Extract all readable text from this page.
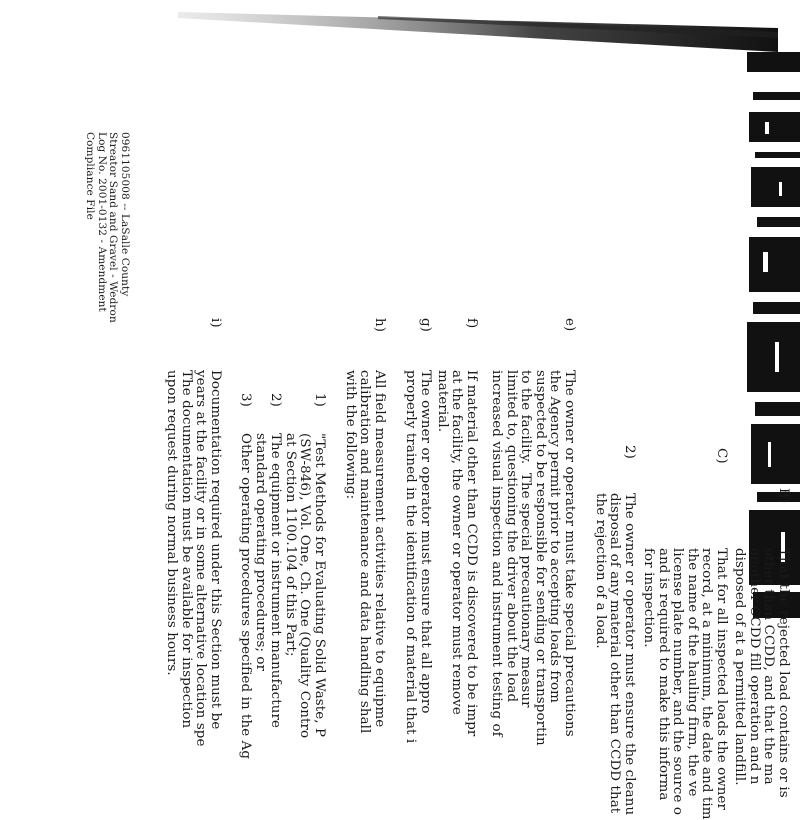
0961105008 -- LaSalle County
Streator Sand and Gravel - Wedron
Log No. 2001-0132 - Amendment
Compliance File
B)
That the rejected load contains or is
other than CCDD, and that the ma
another CCDD fill operation and n
disposed of at a permitted landfill.
C)
That for all inspected loads the owner
record, at a minimum, the date and tim
the name of the hauling firm, the ve
license plate number, and the source o
and is required to make this informa
for inspection.
2)
The owner or operator must ensure the cleanu
disposal of any material other than CCDD that
the rejection of a load.
e)
The owner or operator must take special precautions
the Agency permit prior to accepting loads from
suspected to be responsible for sending or transportin
to the facility.  The special precautionary measur
limited to, questioning the driver about the load
increased visual inspection and instrument testing of
f)
If material other than CCDD is discovered to be impr
at the facility, the owner or operator must remove
material.
g)
The owner or operator must ensure that all appro
properly trained in the identification of material that i
h)
All field measurement activities relative to equipme
calibration and maintenance and data handling shall
with the following:
1)
"Test Methods for Evaluating Solid Waste, P
(SW-846), Vol. One, Ch. One (Quality Contro
at Section 1100.104 of this Part;
2)
The equipment or instrument manufacture
standard operating procedures; or
3)
Other operating procedures specified in the Ag
i)
Documentation required under this Section must be
years at the facility or in some alternative location spe
The documentation must be available for inspection
upon request during normal business hours.
